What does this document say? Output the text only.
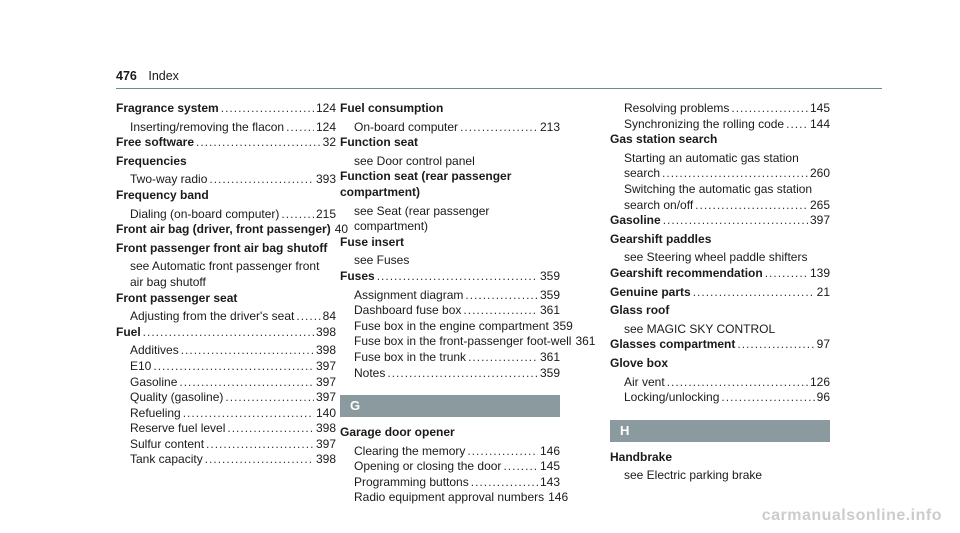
476 Index
Fragrance system .....	124
Inserting/removing the flacon .....	124
Free software .....	32
Frequencies
Two-way radio .....	393
Frequency band
Dialing (on-board computer) .....	215
Front air bag (driver, front passenger) 40
Front passenger front air bag shutoff
see Automatic front passenger front air bag shutoff
Front passenger seat
Adjusting from the driver's seat ..... 84
Fuel .....	398
Additives .....	398
E10 .....	397
Gasoline .....	397
Quality (gasoline) .....	397
Refueling .....	140
Reserve fuel level .....	398
Sulfur content .....	397
Tank capacity .....	398
Fuel consumption
On-board computer .....	213
Function seat
see Door control panel
Function seat (rear passenger compartment)
see Seat (rear passenger compartment)
Fuse insert
see Fuses
Fuses .....	359
Assignment diagram .....	359
Dashboard fuse box .....	361
Fuse box in the engine compartment 359
Fuse box in the front-passenger foot-well 361
Fuse box in the trunk .....	361
Notes .....	359
G
Garage door opener
Clearing the memory .....	146
Opening or closing the door .....	145
Programming buttons .....	143
Radio equipment approval numbers 146
Resolving problems .....	145
Synchronizing the rolling code ..... 144
Gas station search
Starting an automatic gas station
search .....	260
Switching the automatic gas station
search on/off .....	265
Gasoline .....	397
Gearshift paddles
see Steering wheel paddle shifters
Gearshift recommendation .....	139
Genuine parts .....	21
Glass roof
see MAGIC SKY CONTROL
Glasses compartment .....	97
Glove box
Air vent .....	126
Locking/unlocking .....	96
H
Handbrake
see Electric parking brake
carmanualsonline.info
